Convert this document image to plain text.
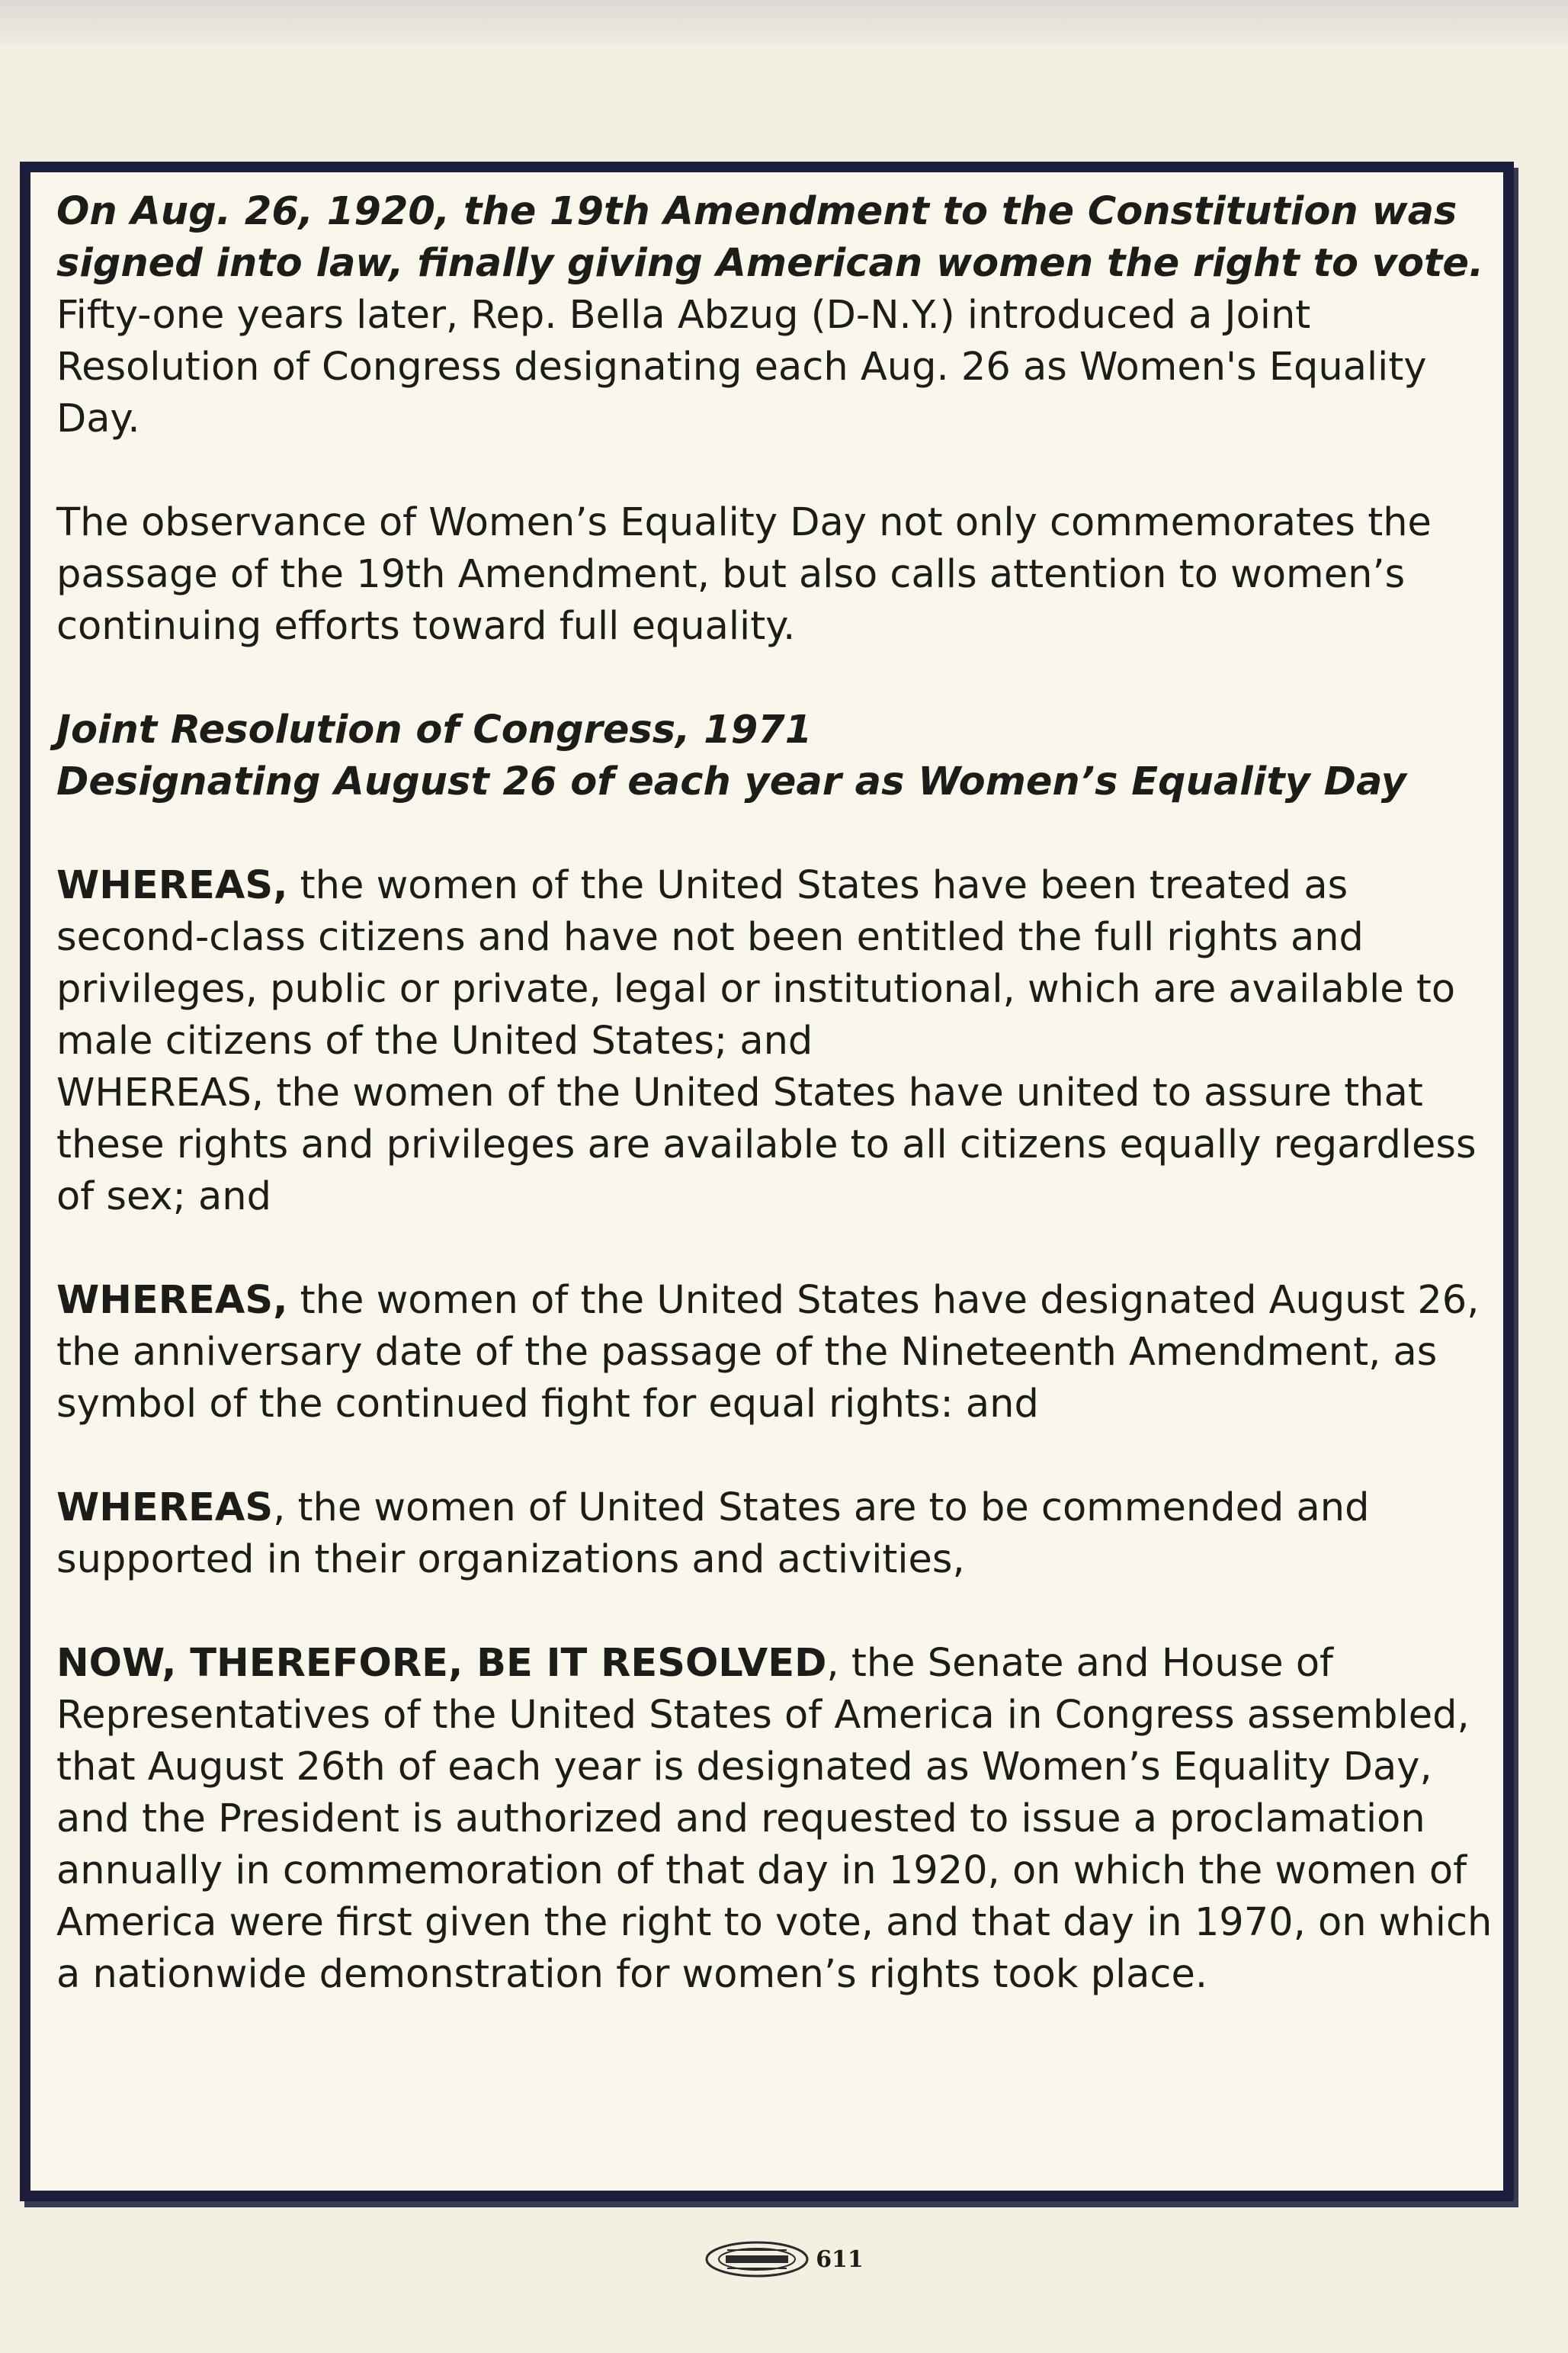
On Aug. 26, 1920, the 19th Amendment to the Constitution was signed into law, finally giving American women the right to vote. Fifty-one years later, Rep. Bella Abzug (D-N.Y.) introduced a Joint Resolution of Congress designating each Aug. 26 as Women's Equality Day.

The observance of Women’s Equality Day not only commemorates the passage of the 19th Amendment, but also calls attention to women’s continuing efforts toward full equality.

Joint Resolution of Congress, 1971

Designating August 26 of each year as Women’s Equality Day

WHEREAS, the women of the United States have been treated as second-class citizens and have not been entitled the full rights and privileges, public or private, legal or institutional, which are available to male citizens of the United States; and

WHEREAS, the women of the United States have united to assure that these rights and privileges are available to all citizens equally regardless of sex; and

WHEREAS, the women of the United States have designated August 26, the anniversary date of the passage of the Nineteenth Amendment, as symbol of the continued fight for equal rights: and

WHEREAS, the women of United States are to be commended and supported in their organizations and activities,

NOW, THEREFORE, BE IT RESOLVED, the Senate and House of Representatives of the United States of America in Congress assembled, that August 26th of each year is designated as Women’s Equality Day, and the President is authorized and requested to issue a proclamation annually in commemoration of that day in 1920, on which the women of America were first given the right to vote, and that day in 1970, on which a nationwide demonstration for women’s rights took place.

611
